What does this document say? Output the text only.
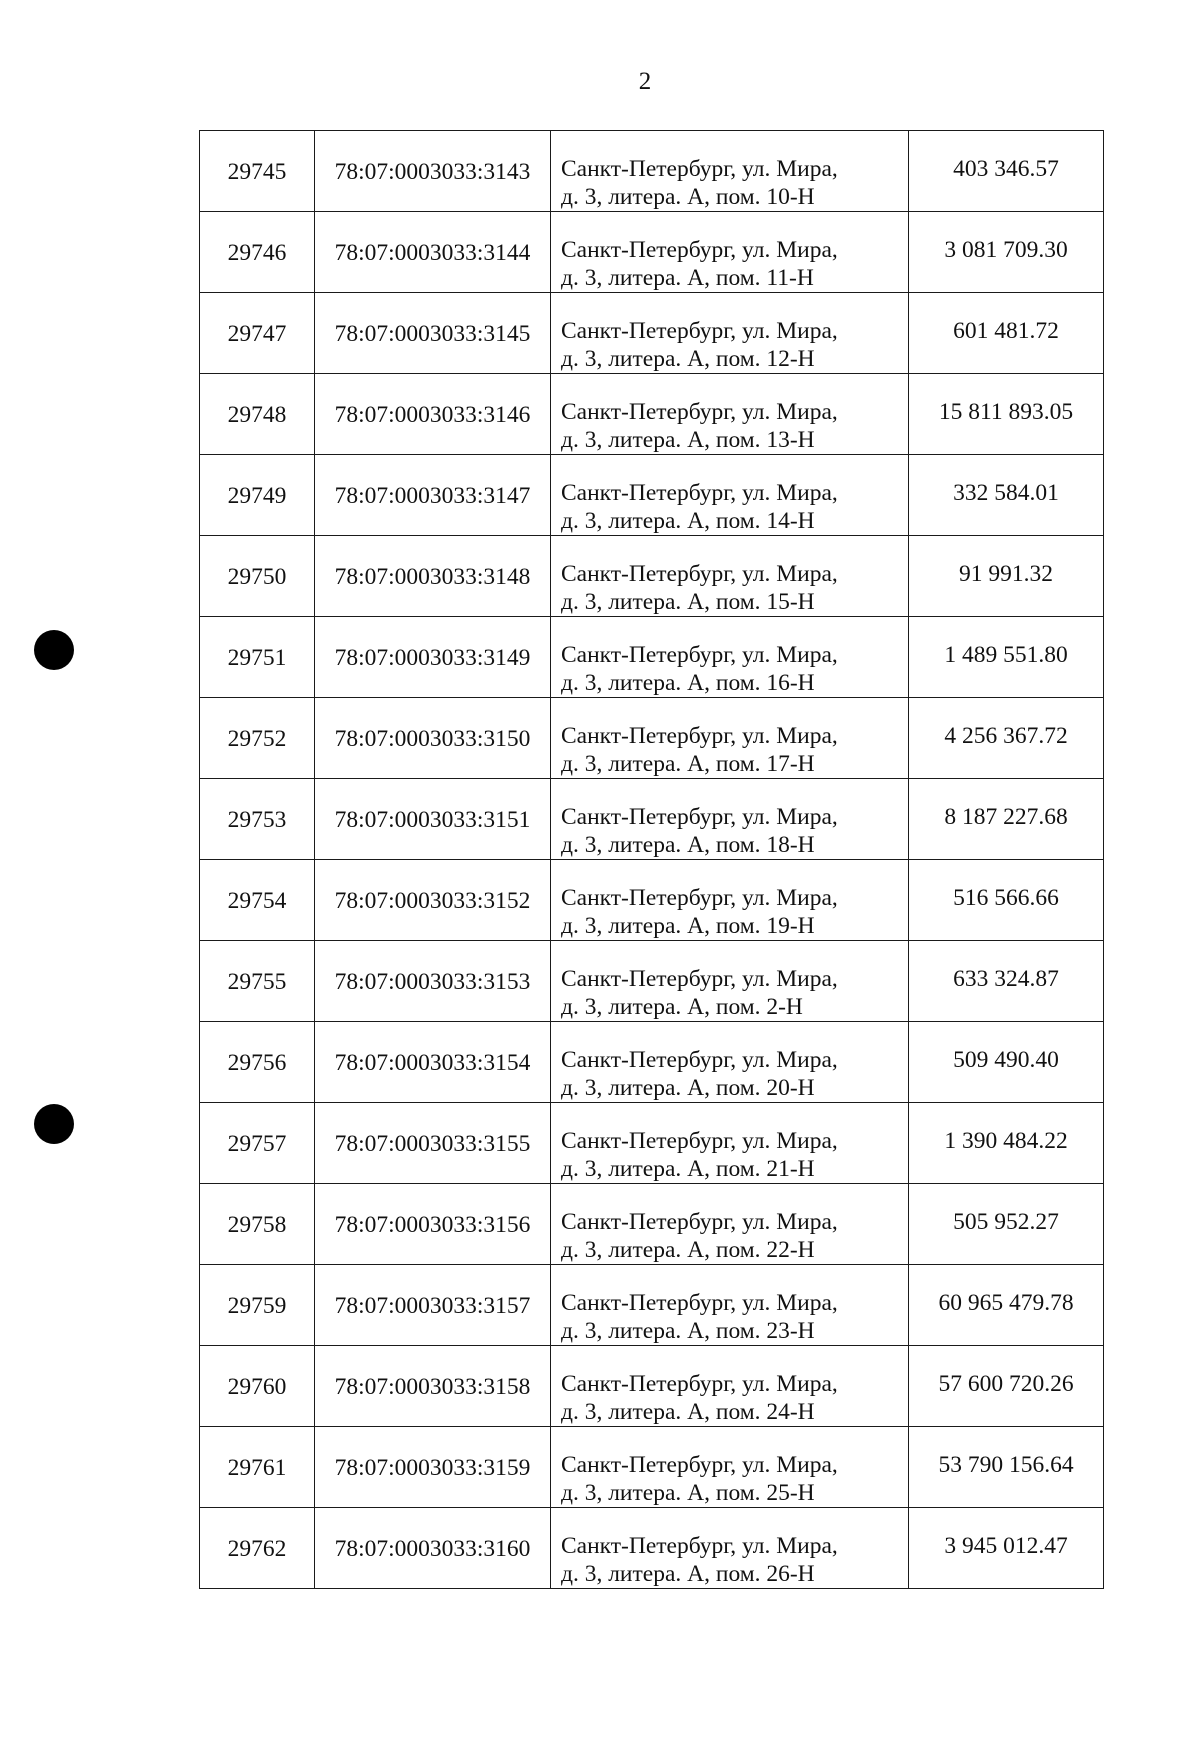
2
29745	78:07:0003033:3143	Санкт-Петербург, ул. Мира,
д. 3, литера. А, пом. 10-Н	403 346.57
29746	78:07:0003033:3144	Санкт-Петербург, ул. Мира,
д. 3, литера. А, пом. 11-Н	3 081 709.30
29747	78:07:0003033:3145	Санкт-Петербург, ул. Мира,
д. 3, литера. А, пом. 12-Н	601 481.72
29748	78:07:0003033:3146	Санкт-Петербург, ул. Мира,
д. 3, литера. А, пом. 13-Н	15 811 893.05
29749	78:07:0003033:3147	Санкт-Петербург, ул. Мира,
д. 3, литера. А, пом. 14-Н	332 584.01
29750	78:07:0003033:3148	Санкт-Петербург, ул. Мира,
д. 3, литера. А, пом. 15-Н	91 991.32
29751	78:07:0003033:3149	Санкт-Петербург, ул. Мира,
д. 3, литера. А, пом. 16-Н	1 489 551.80
29752	78:07:0003033:3150	Санкт-Петербург, ул. Мира,
д. 3, литера. А, пом. 17-Н	4 256 367.72
29753	78:07:0003033:3151	Санкт-Петербург, ул. Мира,
д. 3, литера. А, пом. 18-Н	8 187 227.68
29754	78:07:0003033:3152	Санкт-Петербург, ул. Мира,
д. 3, литера. А, пом. 19-Н	516 566.66
29755	78:07:0003033:3153	Санкт-Петербург, ул. Мира,
д. 3, литера. А, пом. 2-Н	633 324.87
29756	78:07:0003033:3154	Санкт-Петербург, ул. Мира,
д. 3, литера. А, пом. 20-Н	509 490.40
29757	78:07:0003033:3155	Санкт-Петербург, ул. Мира,
д. 3, литера. А, пом. 21-Н	1 390 484.22
29758	78:07:0003033:3156	Санкт-Петербург, ул. Мира,
д. 3, литера. А, пом. 22-Н	505 952.27
29759	78:07:0003033:3157	Санкт-Петербург, ул. Мира,
д. 3, литера. А, пом. 23-Н	60 965 479.78
29760	78:07:0003033:3158	Санкт-Петербург, ул. Мира,
д. 3, литера. А, пом. 24-Н	57 600 720.26
29761	78:07:0003033:3159	Санкт-Петербург, ул. Мира,
д. 3, литера. А, пом. 25-Н	53 790 156.64
29762	78:07:0003033:3160	Санкт-Петербург, ул. Мира,
д. 3, литера. А, пом. 26-Н	3 945 012.47
